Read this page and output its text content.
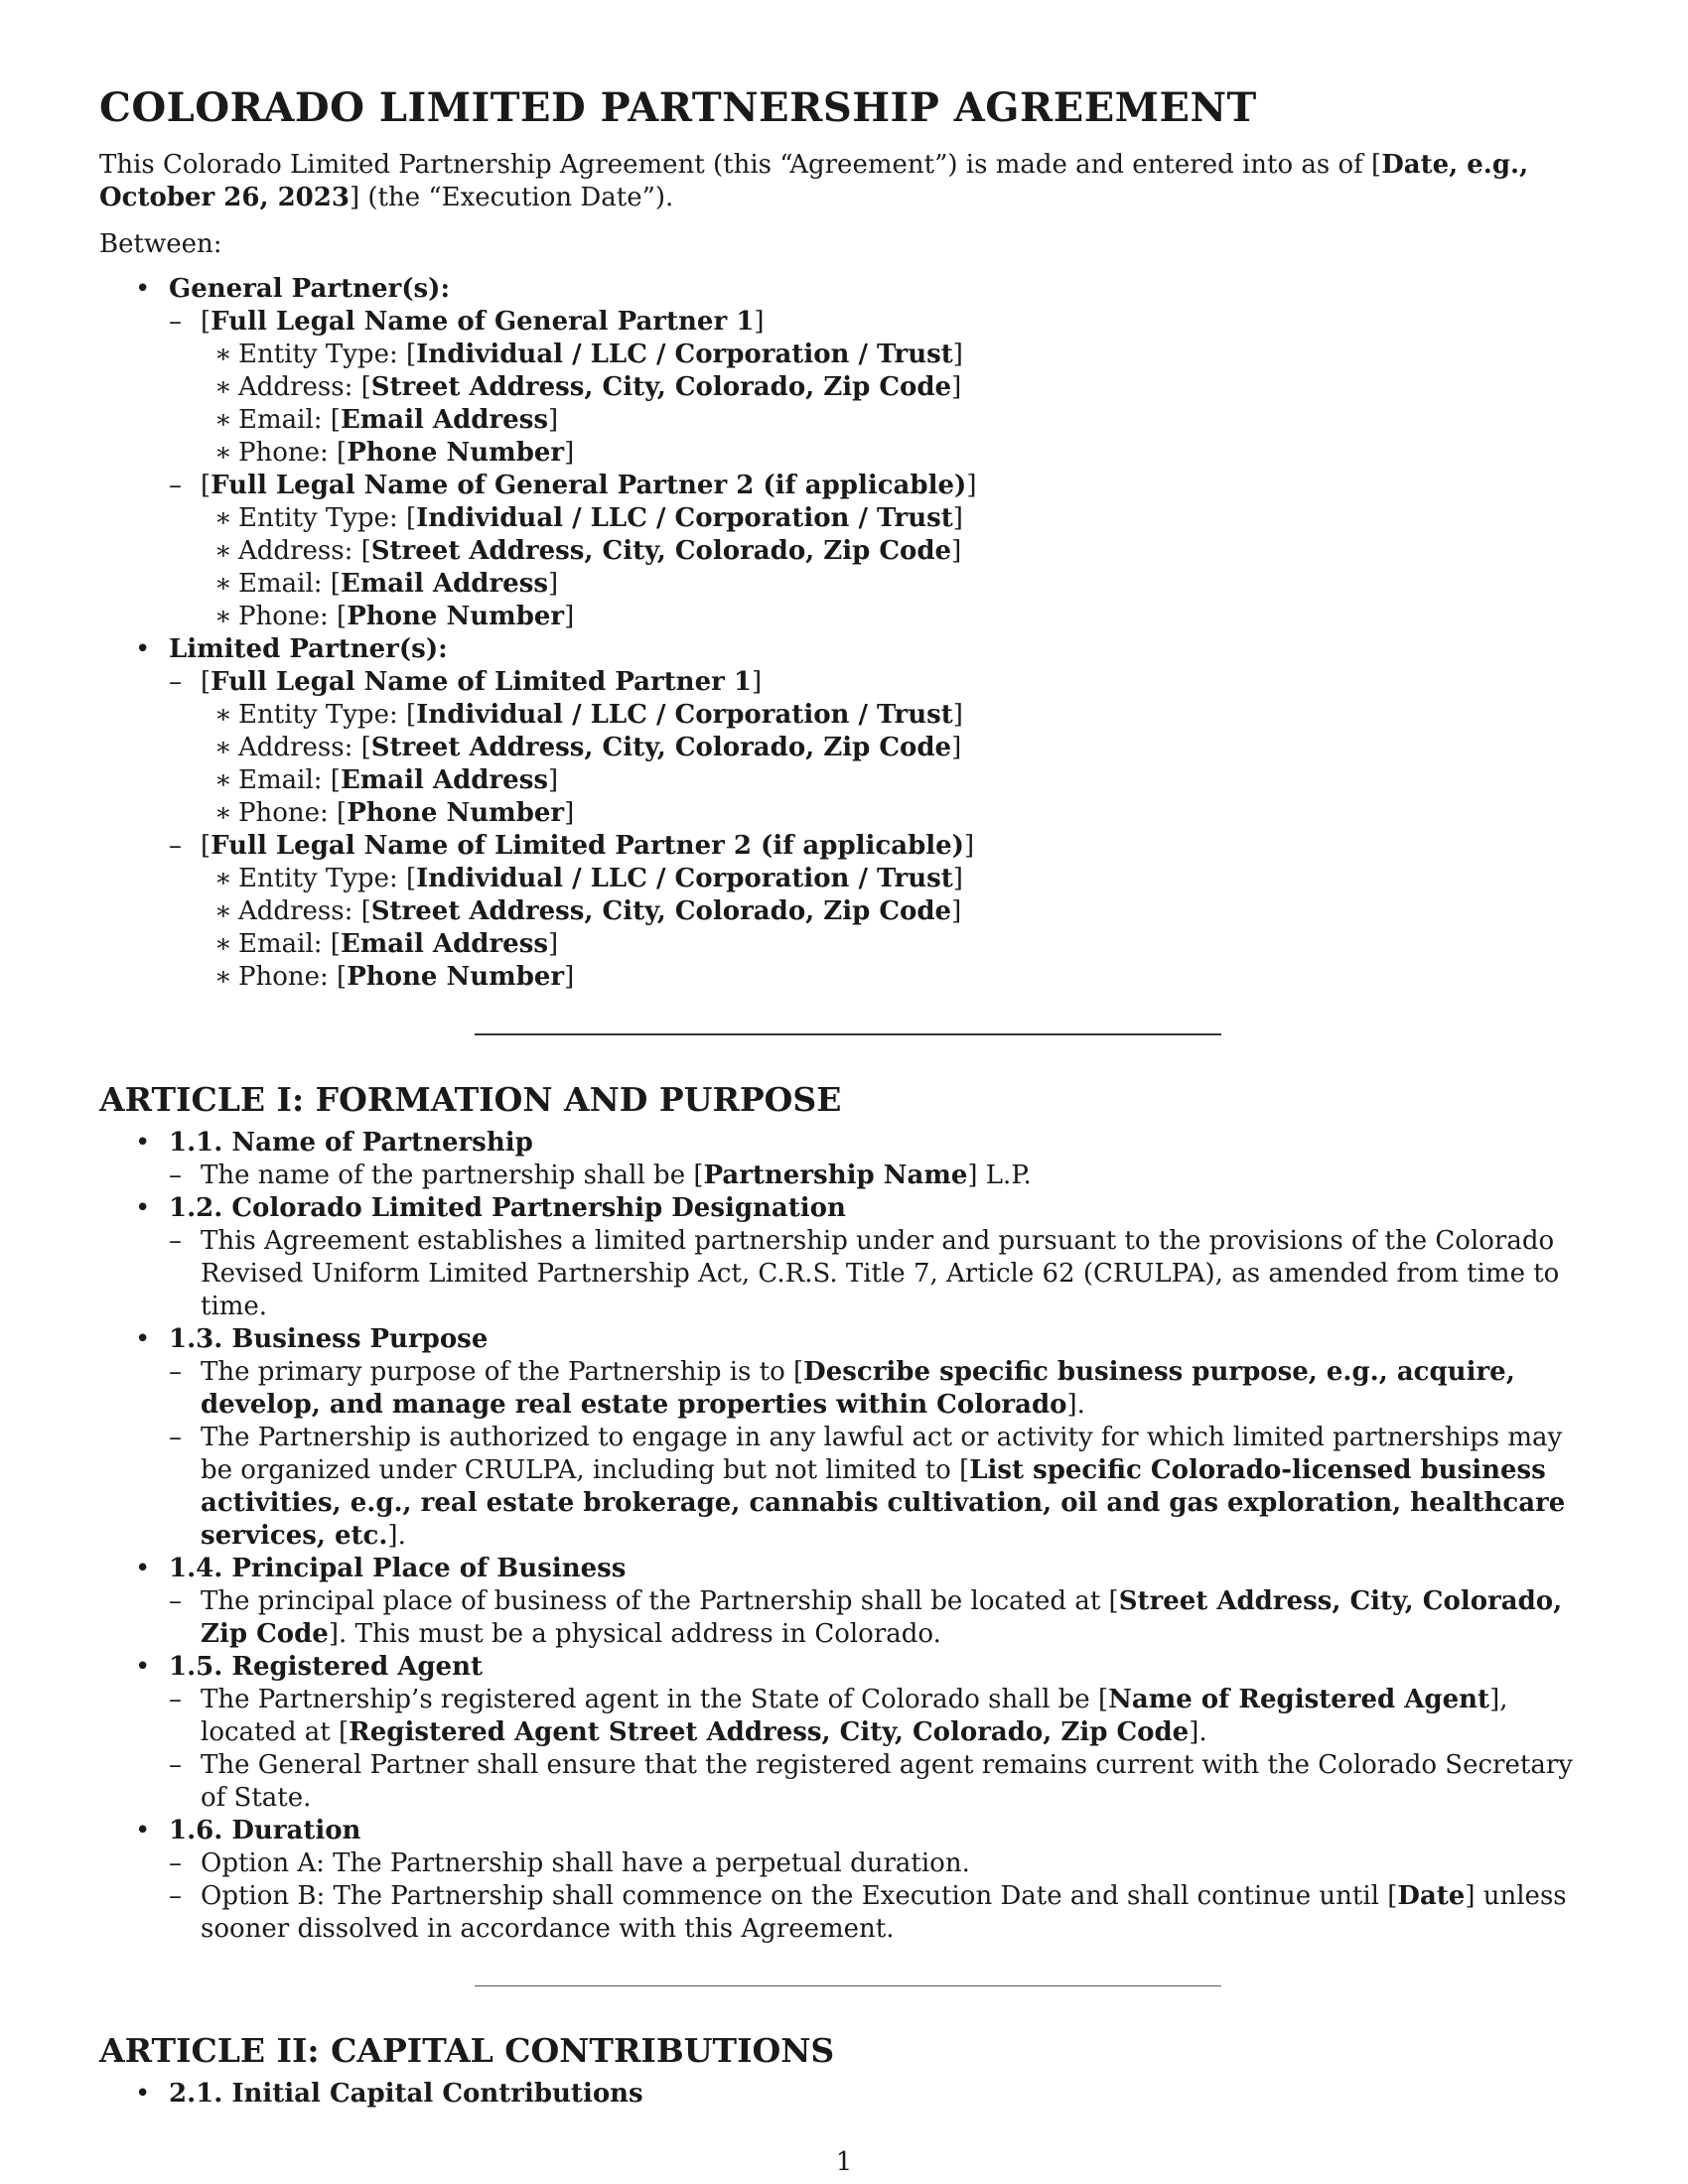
COLORADO LIMITED PARTNERSHIP AGREEMENT

This Colorado Limited Partnership Agreement (this “Agreement”) is made and entered into as of [Date, e.g., October 26, 2023] (the “Execution Date”).

Between:

• General Partner(s):
– [Full Legal Name of General Partner 1]
∗ Entity Type: [Individual / LLC / Corporation / Trust]
∗ Address: [Street Address, City, Colorado, Zip Code]
∗ Email: [Email Address]
∗ Phone: [Phone Number]
– [Full Legal Name of General Partner 2 (if applicable)]
∗ Entity Type: [Individual / LLC / Corporation / Trust]
∗ Address: [Street Address, City, Colorado, Zip Code]
∗ Email: [Email Address]
∗ Phone: [Phone Number]
• Limited Partner(s):
– [Full Legal Name of Limited Partner 1]
∗ Entity Type: [Individual / LLC / Corporation / Trust]
∗ Address: [Street Address, City, Colorado, Zip Code]
∗ Email: [Email Address]
∗ Phone: [Phone Number]
– [Full Legal Name of Limited Partner 2 (if applicable)]
∗ Entity Type: [Individual / LLC / Corporation / Trust]
∗ Address: [Street Address, City, Colorado, Zip Code]
∗ Email: [Email Address]
∗ Phone: [Phone Number]
ARTICLE I: FORMATION AND PURPOSE
• 1.1. Name of Partnership
– The name of the partnership shall be [Partnership Name] L.P.
• 1.2. Colorado Limited Partnership Designation
– This Agreement establishes a limited partnership under and pursuant to the provisions of the Colorado Revised Uniform Limited Partnership Act, C.R.S. Title 7, Article 62 (CRULPA), as amended from time to time.
• 1.3. Business Purpose
– The primary purpose of the Partnership is to [Describe specific business purpose, e.g., acquire, develop, and manage real estate properties within Colorado].
– The Partnership is authorized to engage in any lawful act or activity for which limited partnerships may be organized under CRULPA, including but not limited to [List specific Colorado-licensed business activities, e.g., real estate brokerage, cannabis cultivation, oil and gas exploration, healthcare services, etc.].
• 1.4. Principal Place of Business
– The principal place of business of the Partnership shall be located at [Street Address, City, Colorado, Zip Code]. This must be a physical address in Colorado.
• 1.5. Registered Agent
– The Partnership’s registered agent in the State of Colorado shall be [Name of Registered Agent], located at [Registered Agent Street Address, City, Colorado, Zip Code].
– The General Partner shall ensure that the registered agent remains current with the Colorado Secretary of State.
• 1.6. Duration
– Option A: The Partnership shall have a perpetual duration.
– Option B: The Partnership shall commence on the Execution Date and shall continue until [Date] unless sooner dissolved in accordance with this Agreement.
ARTICLE II: CAPITAL CONTRIBUTIONS
• 2.1. Initial Capital Contributions
1
